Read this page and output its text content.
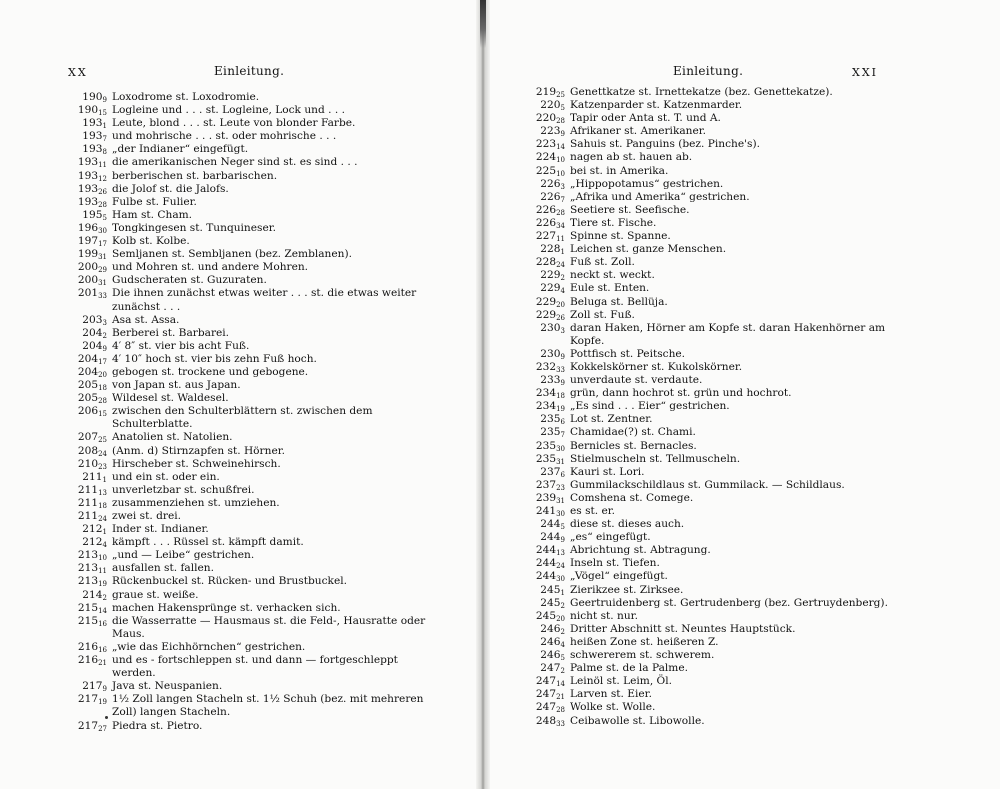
XX	Einleitung.
$190_9$ Loxodrome st. Loxodromie.
$190_{15}$ Logleine und . . . st. Logleine, Lock und . . .
$193_1$ Leute, blond . . . st. Leute von blonder Farbe.
$193_7$ und mohrische . . . st. oder mohrische . . .
$193_8$ „der Indianer“ eingefügt.
$193_{11}$ die amerikanischen Neger sind st. es sind . . .
$193_{12}$ berberischen st. barbarischen.
$193_{26}$ die Jolof st. die Jalofs.
$193_{28}$ Fulbe st. Fulier.
$195_5$ Ham st. Cham.
$196_{30}$ Tongkingesen st. Tunquineser.
$197_{17}$ Kolb st. Kolbe.
$199_{31}$ Semljanen st. Sembljanen (bez. Zemblanen).
$200_{29}$ und Mohren st. und andere Mohren.
$200_{31}$ Gudscheraten st. Guzuraten.
$201_{33}$ Die ihnen zunächst etwas weiter . . . st. die etwas weiter zunächst . . .
$203_3$ Asa st. Assa.
$204_2$ Berberei st. Barbarei.
$204_9$ 4′ 8″ st. vier bis acht Fuß.
$204_{17}$ 4′ 10″ hoch st. vier bis zehn Fuß hoch.
$204_{20}$ gebogen st. trockene und gebogene.
$205_{18}$ von Japan st. aus Japan.
$205_{28}$ Wildesel st. Waldesel.
$206_{15}$ zwischen den Schulterblättern st. zwischen dem Schulterblatte.
$207_{25}$ Anatolien st. Natolien.
$208_{24}$ (Anm. d) Stirnzapfen st. Hörner.
$210_{23}$ Hirscheber st. Schweinehirsch.
$211_1$ und ein st. oder ein.
$211_{13}$ unverletzbar st. schußfrei.
$211_{18}$ zusammenziehen st. umziehen.
$211_{24}$ zwei st. drei.
$212_1$ Inder st. Indianer.
$212_4$ kämpft . . . Rüssel st. kämpft damit.
$213_{10}$ „und — Leibe“ gestrichen.
$213_{11}$ ausfallen st. fallen.
$213_{19}$ Rückenbuckel st. Rücken- und Brustbuckel.
$214_2$ graue st. weiße.
$215_{14}$ machen Hakensprünge st. verhacken sich.
$215_{16}$ die Wasserratte — Hausmaus st. die Feld-, Hausratte oder Maus.
$216_{16}$ „wie das Eichhörnchen“ gestrichen.
$216_{21}$ und es - fortschleppen st. und dann — fortgeschleppt werden.
$217_9$ Java st. Neuspanien.
$217_{19}$ 1½ Zoll langen Stacheln st. 1½ Schuh (bez. mit mehreren Zoll) langen Stacheln.
$217_{27}$ Piedra st. Pietro.
Einleitung.	XXI
$219_{25}$ Genettkatze st. Irnettekatze (bez. Genettekatze).
$220_5$ Katzenparder st. Katzenmarder.
$220_{28}$ Tapir oder Anta st. T. und A.
$223_9$ Afrikaner st. Amerikaner.
$223_{14}$ Sahuis st. Panguins (bez. Pinche's).
$224_{10}$ nagen ab st. hauen ab.
$225_{10}$ bei st. in Amerika.
$226_3$ „Hippopotamus“ gestrichen.
$226_7$ „Afrika und Amerika“ gestrichen.
$226_{28}$ Seetiere st. Seefische.
$226_{34}$ Tiere st. Fische.
$227_{11}$ Spinne st. Spanne.
$228_1$ Leichen st. ganze Menschen.
$228_{24}$ Fuß st. Zoll.
$229_2$ neckt st. weckt.
$229_4$ Eule st. Enten.
$229_{20}$ Beluga st. Bellüja.
$229_{26}$ Zoll st. Fuß.
$230_3$ daran Haken, Hörner am Kopfe st. daran Hakenhörner am Kopfe.
$230_9$ Pottfisch st. Peitsche.
$232_{33}$ Kokkelskörner st. Kukolskörner.
$233_9$ unverdaute st. verdaute.
$234_{18}$ grün, dann hochrot st. grün und hochrot.
$234_{19}$ „Es sind . . . Eier“ gestrichen.
$235_6$ Lot st. Zentner.
$235_7$ Chamidae(?) st. Chami.
$235_{30}$ Bernicles st. Bernacles.
$235_{31}$ Stielmuscheln st. Tellmuscheln.
$237_6$ Kauri st. Lori.
$237_{23}$ Gummilackschildlaus st. Gummilack. — Schildlaus.
$239_{31}$ Comshena st. Comege.
$241_{30}$ es st. er.
$244_5$ diese st. dieses auch.
$244_9$ „es“ eingefügt.
$244_{13}$ Abrichtung st. Abtragung.
$244_{24}$ Inseln st. Tiefen.
$244_{30}$ „Vögel“ eingefügt.
$245_1$ Zierikzee st. Zirksee.
$245_2$ Geertruidenberg st. Gertrudenberg (bez. Gertruydenberg).
$245_{20}$ nicht st. nur.
$246_2$ Dritter Abschnitt st. Neuntes Hauptstück.
$246_4$ heißen Zone st. heißeren Z.
$246_5$ schwererem st. schwerem.
$247_2$ Palme st. de la Palme.
$247_{14}$ Leinöl st. Leim, Öl.
$247_{21}$ Larven st. Eier.
$247_{28}$ Wolke st. Wolle.
$248_{33}$ Ceibawolle st. Libowolle.
